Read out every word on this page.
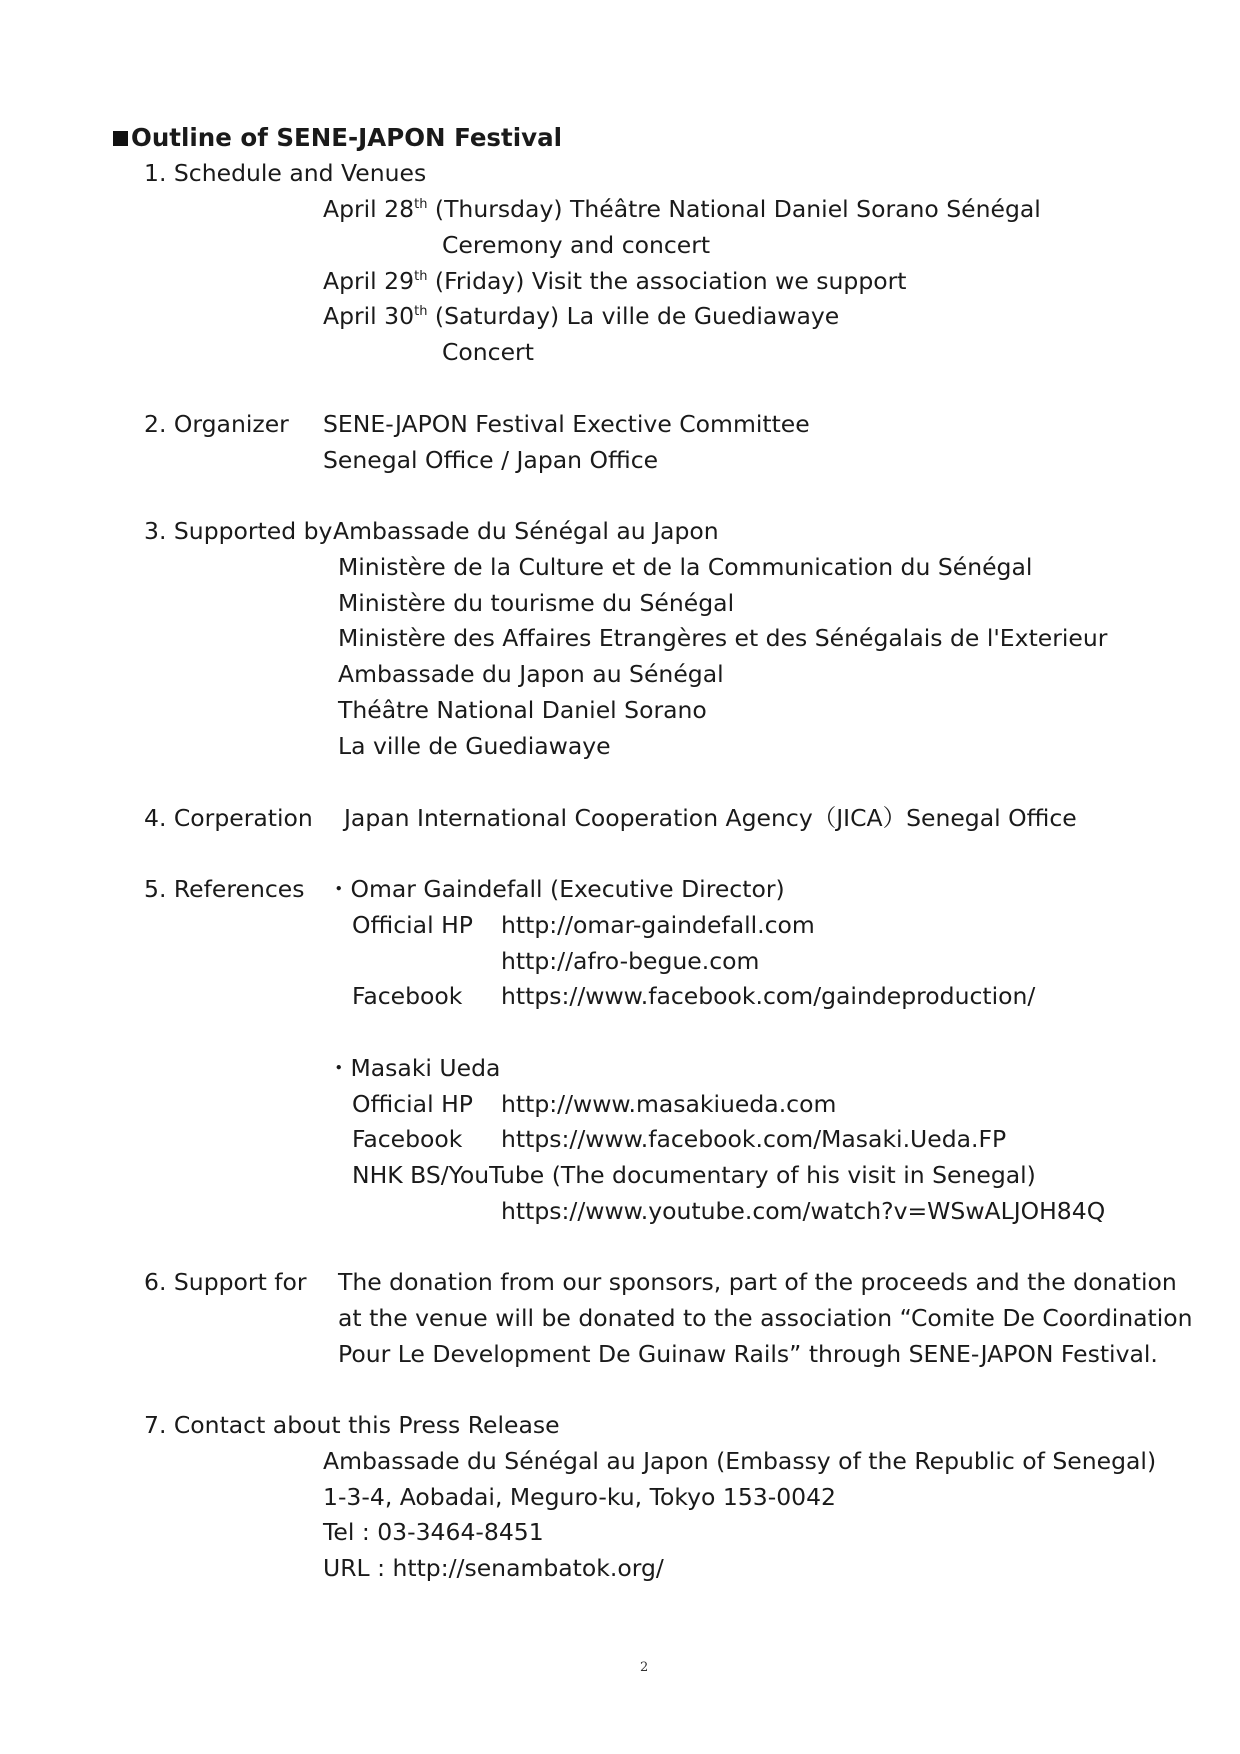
Outline of SENE-JAPON Festival
1. Schedule and Venues
April 28th (Thursday) Théâtre National Daniel Sorano Sénégal
Ceremony and concert
April 29th (Friday) Visit the association we support
April 30th (Saturday) La ville de Guediawaye
Concert
2. Organizer SENE-JAPON Festival Exective Committee
Senegal Office / Japan Office
3. Supported by Ambassade du Sénégal au Japon
Ministère de la Culture et de la Communication du Sénégal
Ministère du tourisme du Sénégal
Ministère des Affaires Etrangères et des Sénégalais de l'Exterieur
Ambassade du Japon au Sénégal
Théâtre National Daniel Sorano
La ville de Guediawaye
4. Corperation Japan International Cooperation Agency（JICA）Senegal Office
5. References ・Omar Gaindefall (Executive Director)
Official HP http://omar-gaindefall.com
http://afro-begue.com
Facebook https://www.facebook.com/gaindeproduction/
・Masaki Ueda
Official HP http://www.masakiueda.com
Facebook https://www.facebook.com/Masaki.Ueda.FP
NHK BS/YouTube (The documentary of his visit in Senegal)
https://www.youtube.com/watch?v=WSwALJOH84Q
6. Support for The donation from our sponsors, part of the proceeds and the donation
at the venue will be donated to the association “Comite De Coordination
Pour Le Development De Guinaw Rails” through SENE-JAPON Festival.
7. Contact about this Press Release
Ambassade du Sénégal au Japon (Embassy of the Republic of Senegal)
1-3-4, Aobadai, Meguro-ku, Tokyo 153-0042
Tel : 03-3464-8451
URL : http://senambatok.org/
2
